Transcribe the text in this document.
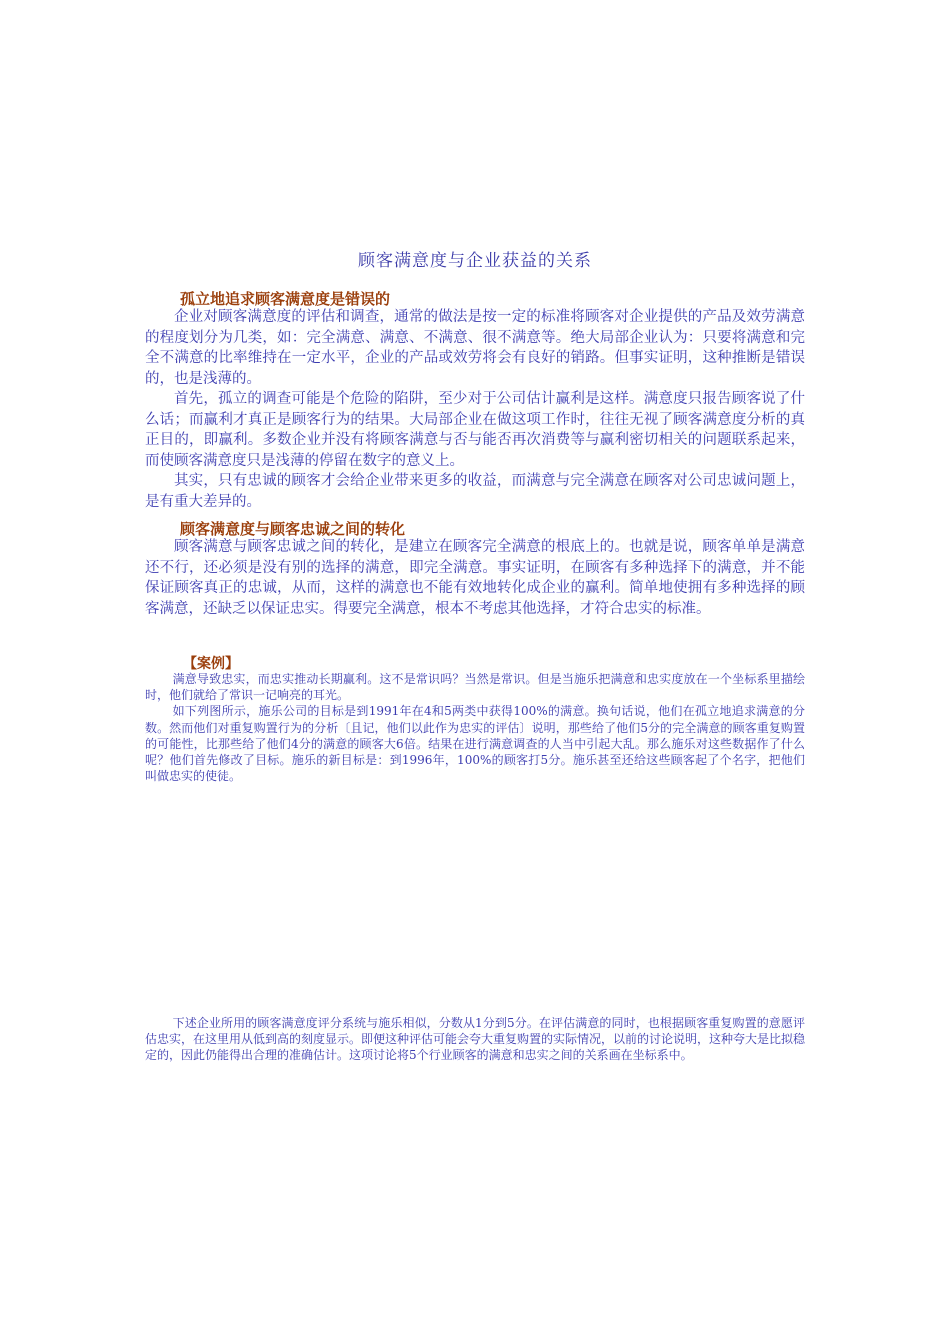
顾客满意度与企业获益的关系
孤立地追求顾客满意度是错误的

企业对顾客满意度的评估和调查，通常的做法是按一定的标准将顾客对企业提供的产品及效劳满意的程度划分为几类，如：完全满意、满意、不满意、很不满意等。绝大局部企业认为：只要将满意和完全不满意的比率维持在一定水平，企业的产品或效劳将会有良好的销路。但事实证明，这种推断是错误的，也是浅薄的。

首先，孤立的调查可能是个危险的陷阱，至少对于公司估计赢利是这样。满意度只报告顾客说了什么话；而赢利才真正是顾客行为的结果。大局部企业在做这项工作时，往往无视了顾客满意度分析的真正目的，即赢利。多数企业并没有将顾客满意与否与能否再次消费等与赢利密切相关的问题联系起来，而使顾客满意度只是浅薄的停留在数字的意义上。

其实，只有忠诚的顾客才会给企业带来更多的收益，而满意与完全满意在顾客对公司忠诚问题上，是有重大差异的。

顾客满意度与顾客忠诚之间的转化

顾客满意与顾客忠诚之间的转化，是建立在顾客完全满意的根底上的。也就是说，顾客单单是满意还不行，还必须是没有别的选择的满意，即完全满意。事实证明，在顾客有多种选择下的满意，并不能保证顾客真正的忠诚，从而，这样的满意也不能有效地转化成企业的赢利。简单地使拥有多种选择的顾客满意，还缺乏以保证忠实。得要完全满意，根本不考虑其他选择，才符合忠实的标准。

【案例】

满意导致忠实，而忠实推动长期赢利。这不是常识吗？当然是常识。但是当施乐把满意和忠实度放在一个坐标系里描绘时，他们就给了常识一记响亮的耳光。

如下列图所示，施乐公司的目标是到1991年在4和5两类中获得100%的满意。换句话说，他们在孤立地追求满意的分数。然而他们对重复购置行为的分析〔且记，他们以此作为忠实的评估〕说明，那些给了他们5分的完全满意的顾客重复购置的可能性，比那些给了他们4分的满意的顾客大6倍。结果在进行满意调查的人当中引起大乱。那么施乐对这些数据作了什么呢？他们首先修改了目标。施乐的新目标是：到1996年，100%的顾客打5分。施乐甚至还给这些顾客起了个名字，把他们叫做忠实的使徒。

下述企业所用的顾客满意度评分系统与施乐相似，分数从1分到5分。在评估满意的同时，也根据顾客重复购置的意愿评估忠实，在这里用从低到高的刻度显示。即便这种评估可能会夸大重复购置的实际情况，以前的讨论说明，这种夸大是比拟稳定的，因此仍能得出合理的准确估计。这项讨论将5个行业顾客的满意和忠实之间的关系画在坐标系中。
